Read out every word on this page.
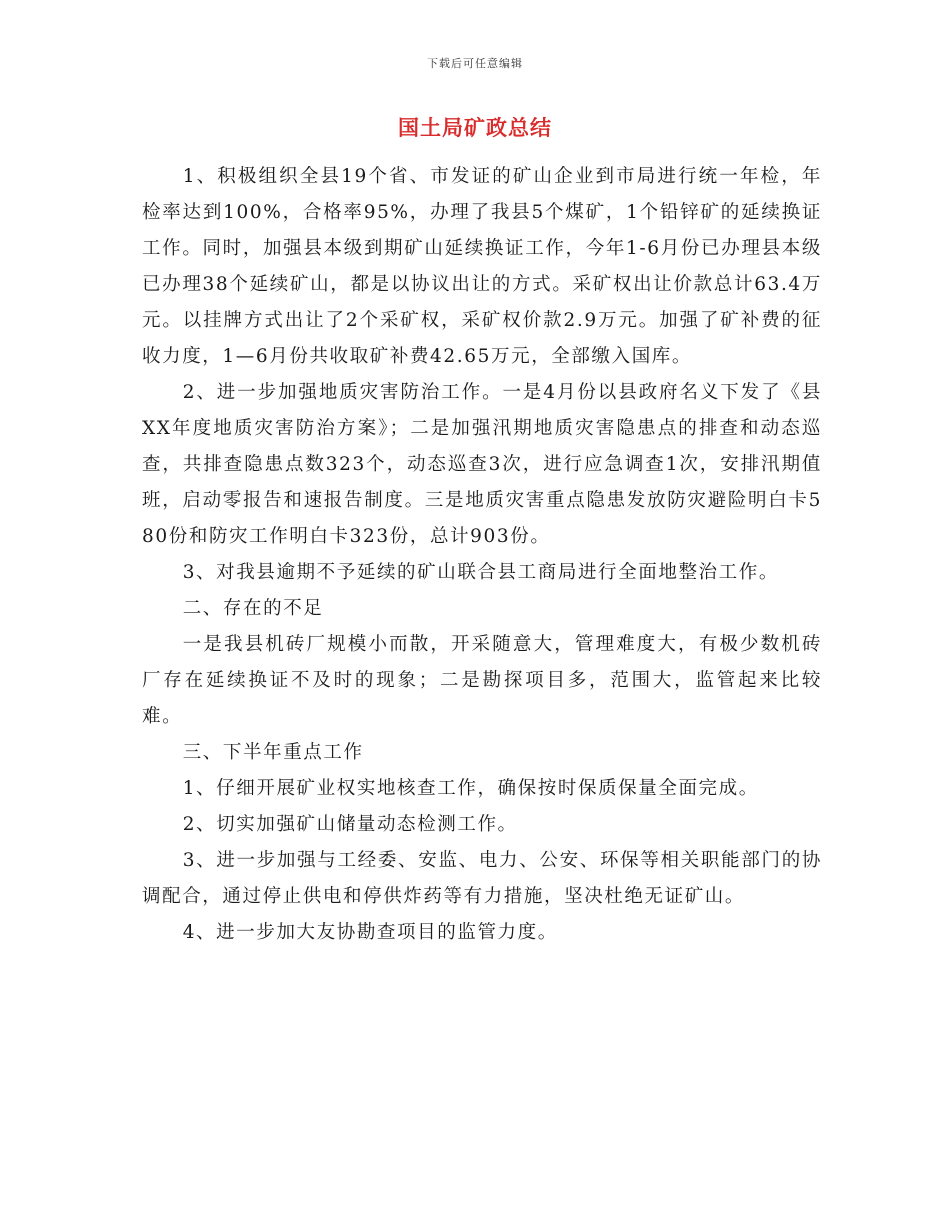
下载后可任意编辑
国土局矿政总结

1、积极组织全县19个省、市发证的矿山企业到市局进行统一年检，年检率达到100%，合格率95%，办理了我县5个煤矿，1个铅锌矿的延续换证工作。同时，加强县本级到期矿山延续换证工作，今年1-6月份已办理县本级已办理38个延续矿山，都是以协议出让的方式。采矿权出让价款总计63.4万元。以挂牌方式出让了2个采矿权，采矿权价款2.9万元。加强了矿补费的征收力度，1—6月份共收取矿补费42.65万元，全部缴入国库。

2、进一步加强地质灾害防治工作。一是4月份以县政府名义下发了《县XX年度地质灾害防治方案》；二是加强汛期地质灾害隐患点的排查和动态巡查，共排查隐患点数323个，动态巡查3次，进行应急调查1次，安排汛期值班，启动零报告和速报告制度。三是地质灾害重点隐患发放防灾避险明白卡580份和防灾工作明白卡323份，总计903份。

3、对我县逾期不予延续的矿山联合县工商局进行全面地整治工作。

二、存在的不足

一是我县机砖厂规模小而散，开采随意大，管理难度大，有极少数机砖厂存在延续换证不及时的现象；二是勘探项目多，范围大，监管起来比较难。

三、下半年重点工作

1、仔细开展矿业权实地核查工作，确保按时保质保量全面完成。

2、切实加强矿山储量动态检测工作。

3、进一步加强与工经委、安监、电力、公安、环保等相关职能部门的协调配合，通过停止供电和停供炸药等有力措施，坚决杜绝无证矿山。

4、进一步加大友协勘查项目的监管力度。
